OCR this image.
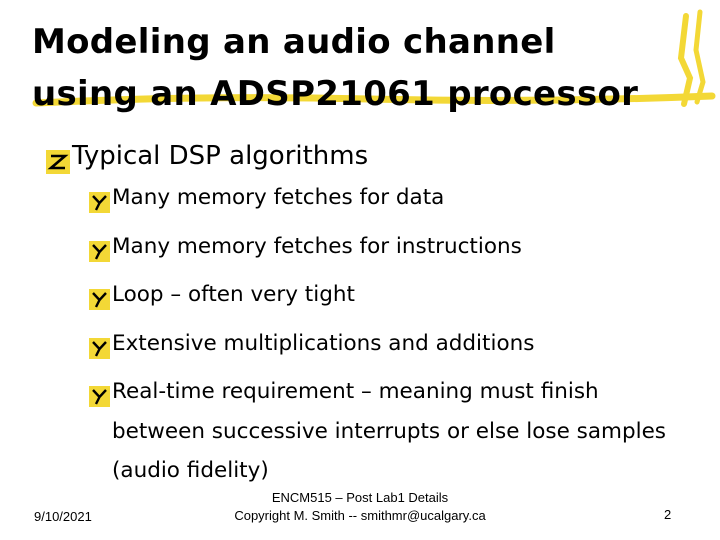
Modeling an audio channel
using an ADSP21061 processor
Typical DSP algorithms
Many memory fetches for data
Many memory fetches for instructions
Loop – often very tight
Extensive multiplications and additions
Real-time requirement – meaning must finish between successive interrupts or else lose samples (audio fidelity)
9/10/2021
ENCM515 – Post Lab1 Details
Copyright M. Smith -- smithmr@ucalgary.ca	2
